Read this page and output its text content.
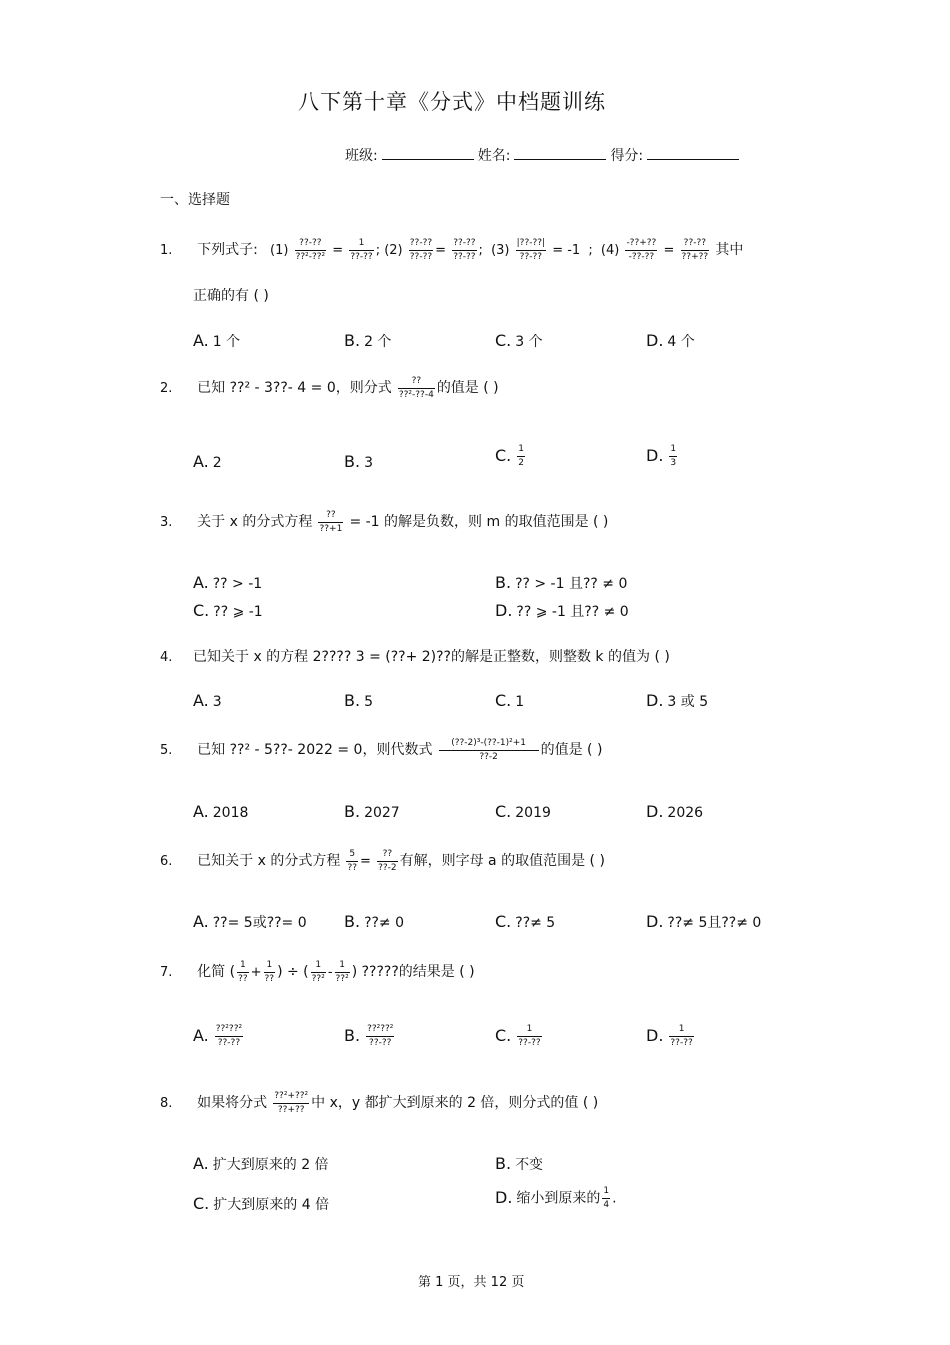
八下第十章《分式》中档题训练
班级:	姓名:	得分:
一、选择题
1. 下列式子: $(1) \frac{??-??}{\text{??²-??²}} = \frac{1}{??-??}$ ; $(2) \frac{??-??}{??-??} = \frac{??-??}{??-??}$ ; $(3) \frac{|??-??|}{??-??} = -1$ ; $(4) \frac{-??+??}{-??-??} = \frac{??-??}{??+??}$ 其中
正确的有 ( )
A. 1 个	B. 2 个	C. 3 个	D. 4 个
2. 已知 ??² - 3??- 4 = 0，则分式 $\frac{??}{\text{??²-??-4}}$ 的值是 ( )
A. 2	B. 3	C. $\frac{1}{2}$	D. $\frac{1}{3}$
3. 关于 x 的分式方程 $\frac{??}{??+1} = -1$ 的解是负数，则 m 的取值范围是 ( )
A. ?? > -1	B. ?? > -1 且?? ≠ 0
C. ?? ⩾ -1	D. ?? ⩾ -1 且?? ≠ 0
4. 已知关于 x 的方程 2???? 3 = (??+ 2)??的解是正整数，则整数 k 的值为 ( )
A. 3	B. 5	C. 1	D. 3 或 5
5. 已知 ??² - 5??- 2022 = 0，则代数式 $\frac{\text{(??-2)³-(??-1)²+1}}{??-2}$ 的值是 ( )
A. 2018	B. 2027	C. 2019	D. 2026
6. 已知关于 x 的分式方程 $\frac{5}{??} = \frac{??}{??-2}$ 有解，则字母 a 的取值范围是 ( )
A. ??= 5或??= 0 B. ??≠ 0	C. ??≠ 5	D. ??≠ 5且??≠ 0
7. 化简 ( $\frac{1}{??} + \frac{1}{??}$ ) ÷ ( $\frac{1}{\text{??²}} - \frac{1}{\text{??²}}$ ) ?????的结果是 ( )
A. $\frac{\text{??²??²}}{??-??}$	B. $\frac{\text{??²??²}}{??-??}$	C. $\frac{1}{??-??}$	D. $\frac{1}{??-??}$
8. 如果将分式 $\frac{\text{??²+??²}}{??+??}$ 中 x，y 都扩大到原来的 2 倍，则分式的值 ( )
A. 扩大到原来的 2 倍	B. 不变
C. 扩大到原来的 4 倍	D. 缩小到原来的 $\frac{1}{4}$ .
第 1 页，共 12 页
